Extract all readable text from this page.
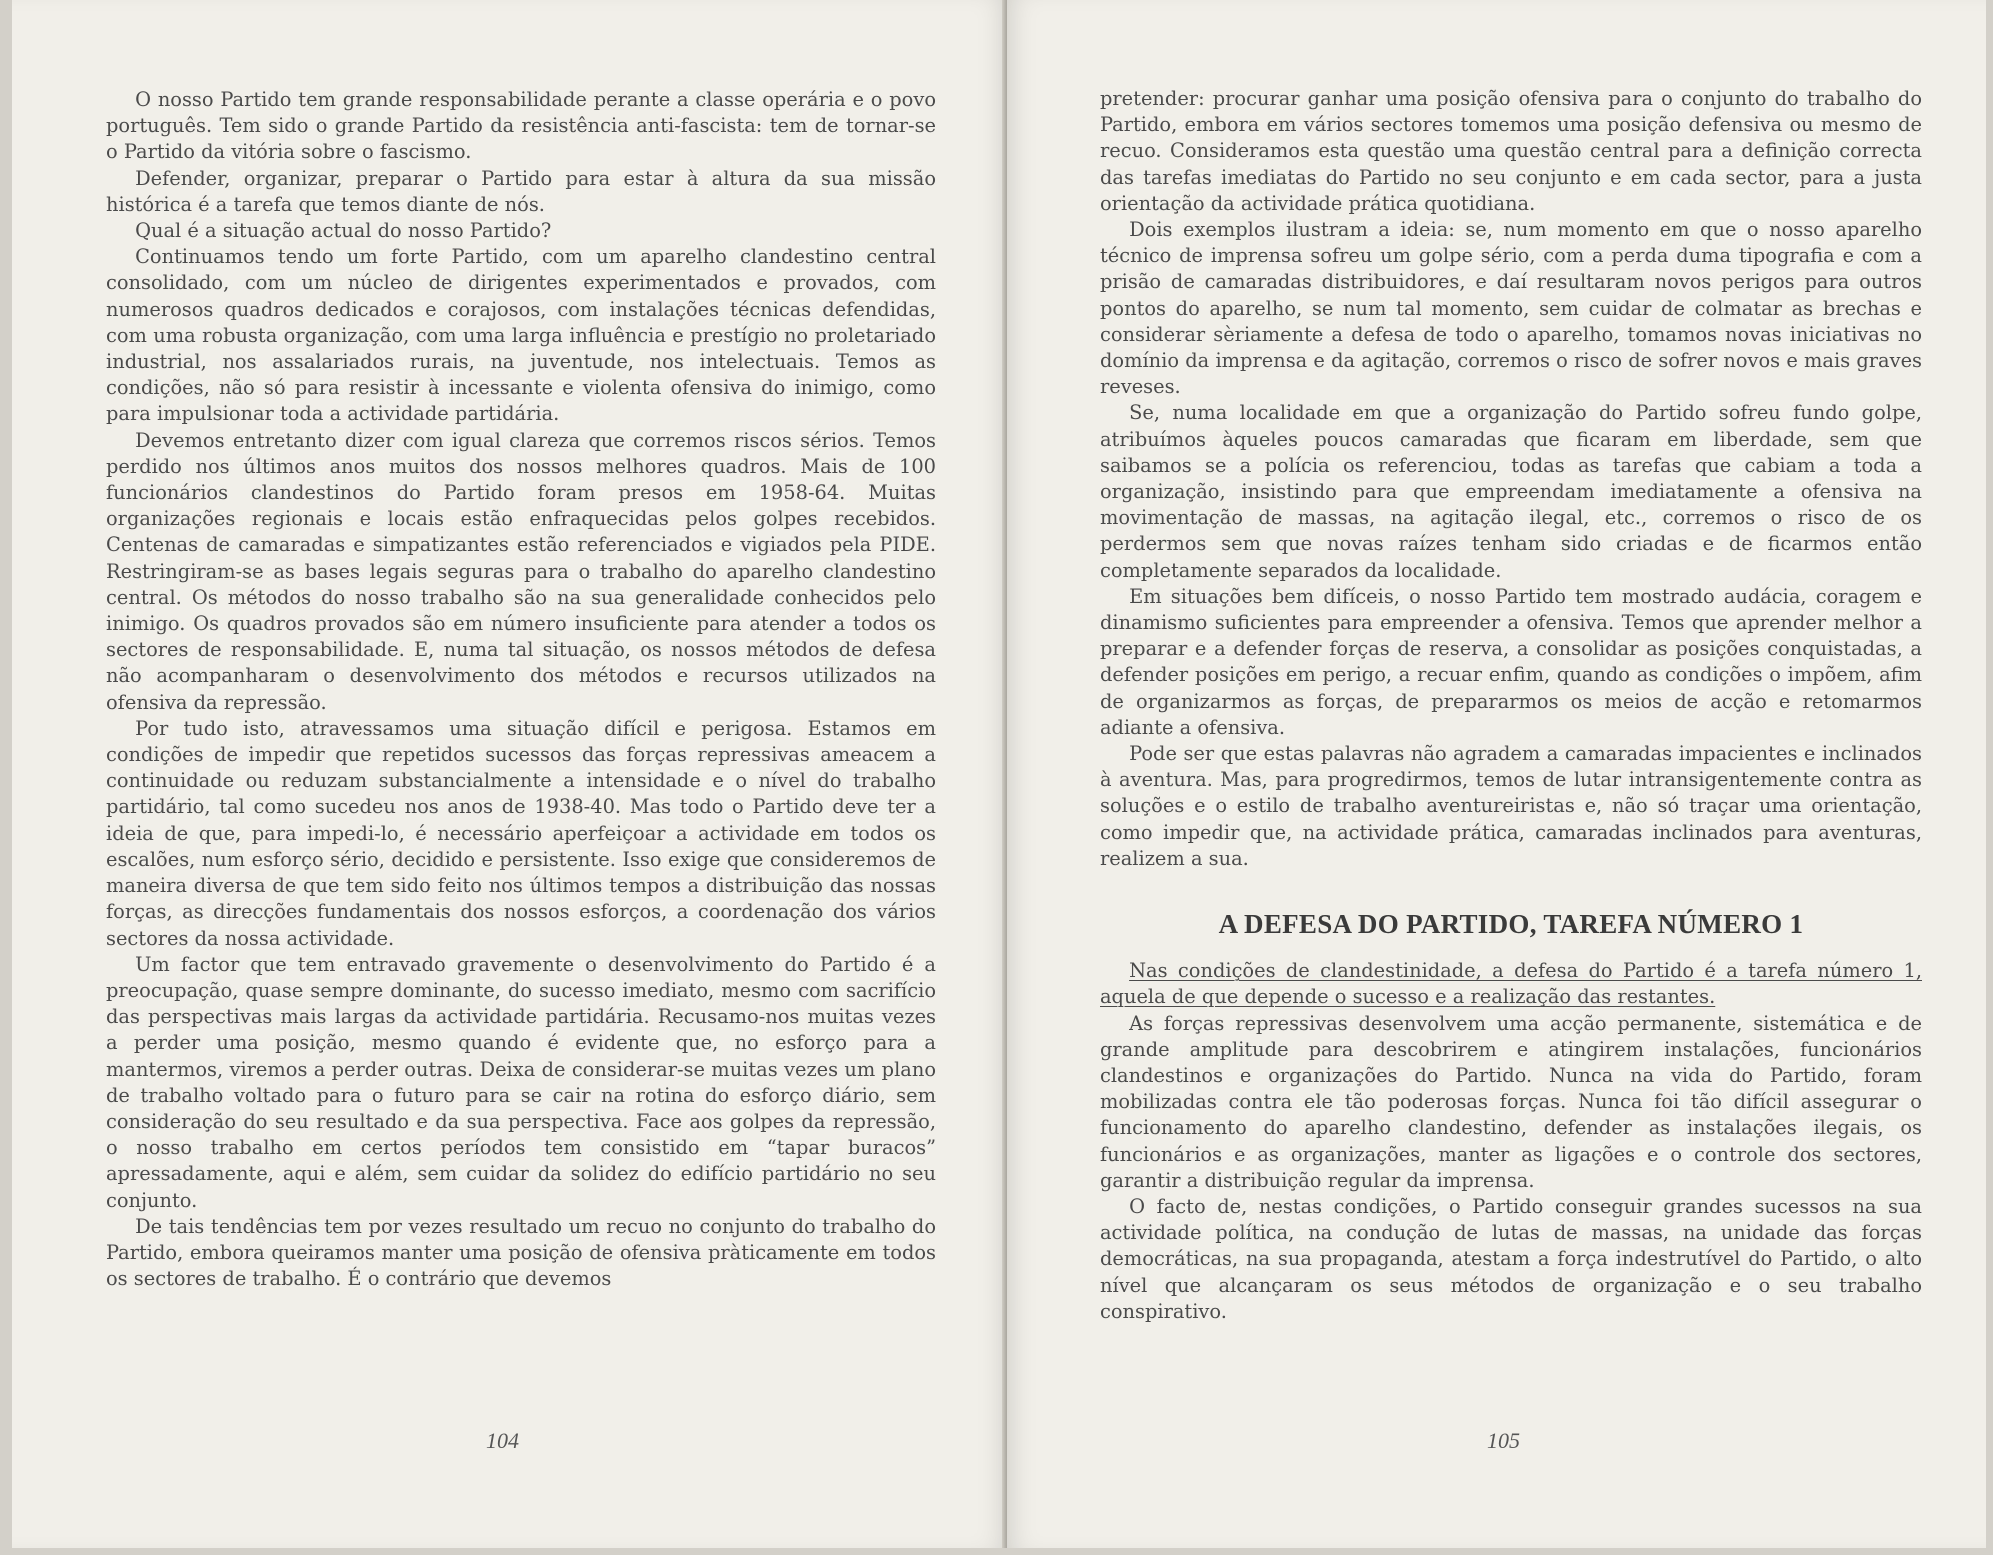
O nosso Partido tem grande responsabilidade perante a classe operária e o povo português. Tem sido o grande Partido da resistência anti-fascista: tem de tornar-se o Partido da vitória sobre o fascismo.

Defender, organizar, preparar o Partido para estar à altura da sua missão histórica é a tarefa que temos diante de nós.

Qual é a situação actual do nosso Partido?

Continuamos tendo um forte Partido, com um aparelho clandestino central consolidado, com um núcleo de dirigentes experimentados e provados, com numerosos quadros dedicados e corajosos, com instalações técnicas defendidas, com uma robusta organização, com uma larga influência e prestígio no proletariado industrial, nos assalariados rurais, na juventude, nos intelectuais. Temos as condições, não só para resistir à incessante e violenta ofensiva do inimigo, como para impulsionar toda a actividade partidária.

Devemos entretanto dizer com igual clareza que corremos riscos sérios. Temos perdido nos últimos anos muitos dos nossos melhores quadros. Mais de 100 funcionários clandestinos do Partido foram presos em 1958-64. Muitas organizações regionais e locais estão enfraquecidas pelos golpes recebidos. Centenas de camaradas e simpatizantes estão referenciados e vigiados pela PIDE. Restringiram-se as bases legais seguras para o trabalho do aparelho clandestino central. Os métodos do nosso trabalho são na sua generalidade conhecidos pelo inimigo. Os quadros provados são em número insuficiente para atender a todos os sectores de responsabilidade. E, numa tal situação, os nossos métodos de defesa não acompanharam o desenvolvimento dos métodos e recursos utilizados na ofensiva da repressão.

Por tudo isto, atravessamos uma situação difícil e perigosa. Estamos em condições de impedir que repetidos sucessos das forças repressivas ameacem a continuidade ou reduzam substancialmente a intensidade e o nível do trabalho partidário, tal como sucedeu nos anos de 1938-40. Mas todo o Partido deve ter a ideia de que, para impedi-lo, é necessário aperfeiçoar a actividade em todos os escalões, num esforço sério, decidido e persistente. Isso exige que consideremos de maneira diversa de que tem sido feito nos últimos tempos a distribuição das nossas forças, as direcções fundamentais dos nossos esforços, a coordenação dos vários sectores da nossa actividade.

Um factor que tem entravado gravemente o desenvolvimento do Partido é a preocupação, quase sempre dominante, do sucesso imediato, mesmo com sacrifício das perspectivas mais largas da actividade partidária. Recusamo-nos muitas vezes a perder uma posição, mesmo quando é evidente que, no esforço para a mantermos, viremos a perder outras. Deixa de considerar-se muitas vezes um plano de trabalho voltado para o futuro para se cair na rotina do esforço diário, sem consideração do seu resultado e da sua perspectiva. Face aos golpes da repressão, o nosso trabalho em certos períodos tem consistido em “tapar buracos” apressadamente, aqui e além, sem cuidar da solidez do edifício partidário no seu conjunto.

De tais tendências tem por vezes resultado um recuo no conjunto do trabalho do Partido, embora queiramos manter uma posição de ofensiva pràticamente em todos os sectores de trabalho. É o contrário que devemos

104

pretender: procurar ganhar uma posição ofensiva para o conjunto do trabalho do Partido, embora em vários sectores tomemos uma posição defensiva ou mesmo de recuo. Consideramos esta questão uma questão central para a definição correcta das tarefas imediatas do Partido no seu conjunto e em cada sector, para a justa orientação da actividade prática quotidiana.

Dois exemplos ilustram a ideia: se, num momento em que o nosso aparelho técnico de imprensa sofreu um golpe sério, com a perda duma tipografia e com a prisão de camaradas distribuidores, e daí resultaram novos perigos para outros pontos do aparelho, se num tal momento, sem cuidar de colmatar as brechas e considerar sèriamente a defesa de todo o aparelho, tomamos novas iniciativas no domínio da imprensa e da agitação, corremos o risco de sofrer novos e mais graves reveses.

Se, numa localidade em que a organização do Partido sofreu fundo golpe, atribuímos àqueles poucos camaradas que ficaram em liberdade, sem que saibamos se a polícia os referenciou, todas as tarefas que cabiam a toda a organização, insistindo para que empreendam imediatamente a ofensiva na movimentação de massas, na agitação ilegal, etc., corremos o risco de os perdermos sem que novas raízes tenham sido criadas e de ficarmos então completamente separados da localidade.

Em situações bem difíceis, o nosso Partido tem mostrado audácia, coragem e dinamismo suficientes para empreender a ofensiva. Temos que aprender melhor a preparar e a defender forças de reserva, a consolidar as posições conquistadas, a defender posições em perigo, a recuar enfim, quando as condições o impõem, afim de organizarmos as forças, de prepararmos os meios de acção e retomarmos adiante a ofensiva.

Pode ser que estas palavras não agradem a camaradas impacientes e inclinados à aventura. Mas, para progredirmos, temos de lutar intransigentemente contra as soluções e o estilo de trabalho aventureiristas e, não só traçar uma orientação, como impedir que, na actividade prática, camaradas inclinados para aventuras, realizem a sua.

A DEFESA DO PARTIDO, TAREFA NÚMERO 1

Nas condições de clandestinidade, a defesa do Partido é a tarefa número 1, aquela de que depende o sucesso e a realização das restantes.

As forças repressivas desenvolvem uma acção permanente, sistemática e de grande amplitude para descobrirem e atingirem instalações, funcionários clandestinos e organizações do Partido. Nunca na vida do Partido, foram mobilizadas contra ele tão poderosas forças. Nunca foi tão difícil assegurar o funcionamento do aparelho clandestino, defender as instalações ilegais, os funcionários e as organizações, manter as ligações e o controle dos sectores, garantir a distribuição regular da imprensa.

O facto de, nestas condições, o Partido conseguir grandes sucessos na sua actividade política, na condução de lutas de massas, na unidade das forças democráticas, na sua propaganda, atestam a força indestrutível do Partido, o alto nível que alcançaram os seus métodos de organização e o seu trabalho conspirativo.

105
